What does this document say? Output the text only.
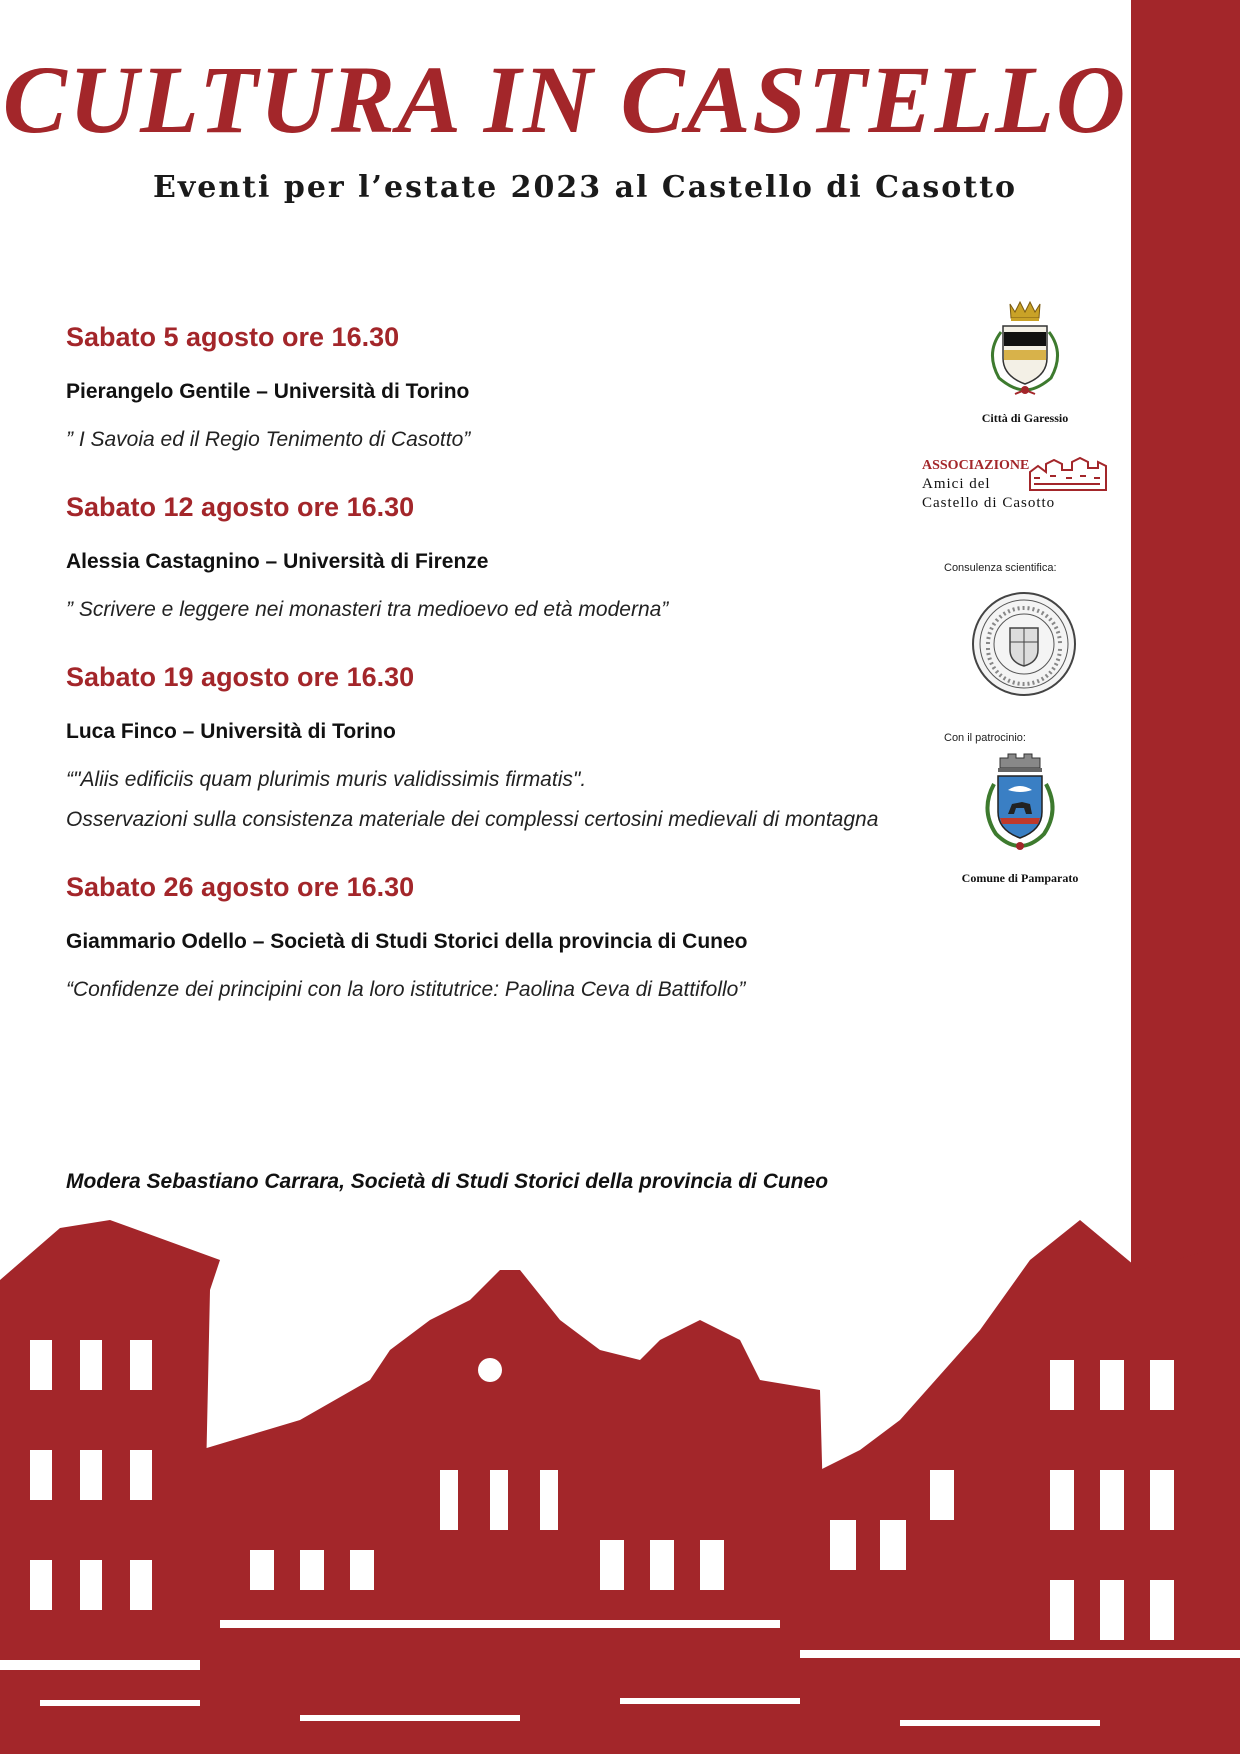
CULTURA IN CASTELLO
Eventi per l’estate 2023 al Castello di Casotto

Sabato 5 agosto ore 16.30

Pierangelo Gentile – Università di Torino

” I Savoia ed il Regio Tenimento di Casotto”

Sabato 12 agosto ore 16.30

Alessia Castagnino – Università di Firenze

” Scrivere e leggere nei monasteri tra medioevo ed età moderna”

Sabato 19 agosto ore 16.30

Luca Finco – Università di Torino

“"Aliis edificiis quam plurimis muris validissimis firmatis".

Osservazioni sulla consistenza materiale dei complessi certosini medievali di montagna

Sabato 26 agosto ore 16.30

Giammario Odello – Società di Studi Storici della provincia di Cuneo

“Confidenze dei principini con la loro istitutrice: Paolina Ceva di Battifollo”

Modera Sebastiano Carrara, Società di Studi Storici della provincia di Cuneo

Città di Garessio
ASSOCIAZIONE
Amici del
Castello di Casotto
Consulenza scientifica:
Con il patrocinio:
Comune di Pamparato
